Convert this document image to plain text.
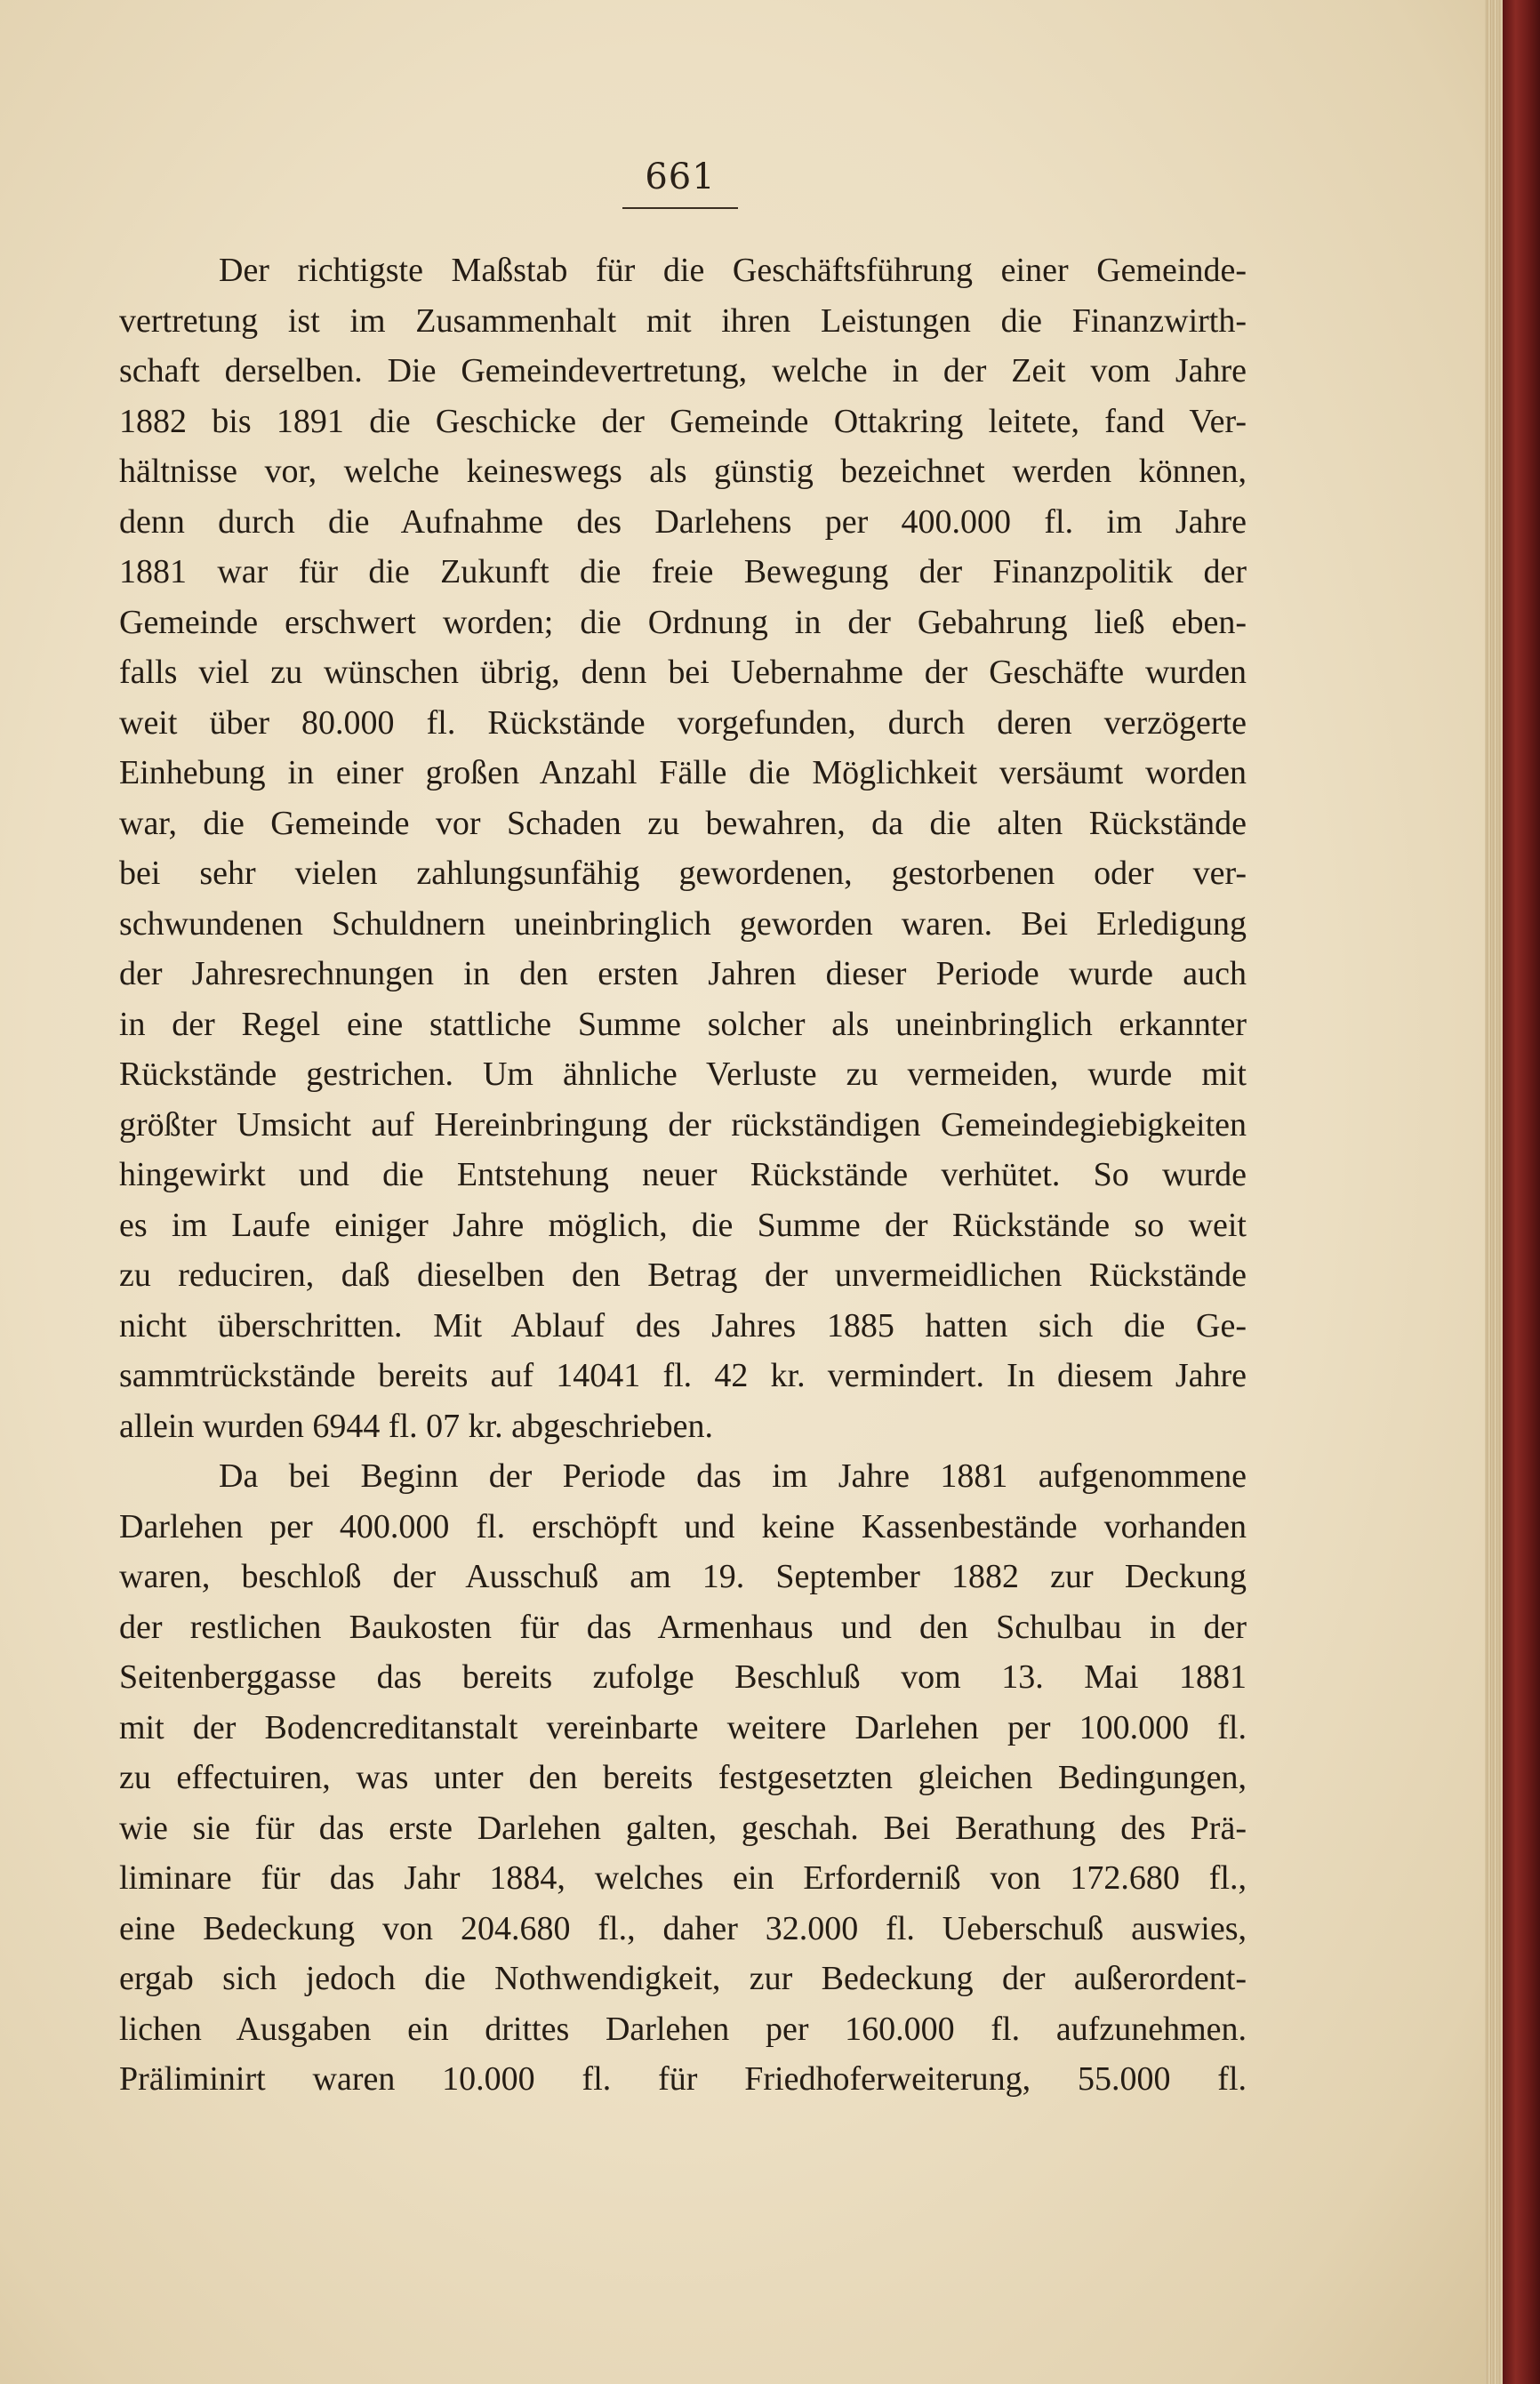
661
Der richtigste Maßstab für die Geschäftsführung einer Gemeinde-
vertretung ist im Zusammenhalt mit ihren Leistungen die Finanzwirth-
schaft derselben. Die Gemeindevertretung, welche in der Zeit vom Jahre
1882 bis 1891 die Geschicke der Gemeinde Ottakring leitete, fand Ver-
hältnisse vor, welche keineswegs als günstig bezeichnet werden können,
denn durch die Aufnahme des Darlehens per 400.000 fl. im Jahre
1881 war für die Zukunft die freie Bewegung der Finanzpolitik der
Gemeinde erschwert worden; die Ordnung in der Gebahrung ließ eben-
falls viel zu wünschen übrig, denn bei Uebernahme der Geschäfte wurden
weit über 80.000 fl. Rückstände vorgefunden, durch deren verzögerte
Einhebung in einer großen Anzahl Fälle die Möglichkeit versäumt worden
war, die Gemeinde vor Schaden zu bewahren, da die alten Rückstände
bei sehr vielen zahlungsunfähig gewordenen, gestorbenen oder ver-
schwundenen Schuldnern uneinbringlich geworden waren. Bei Erledigung
der Jahresrechnungen in den ersten Jahren dieser Periode wurde auch
in der Regel eine stattliche Summe solcher als uneinbringlich erkannter
Rückstände gestrichen. Um ähnliche Verluste zu vermeiden, wurde mit
größter Umsicht auf Hereinbringung der rückständigen Gemeindegiebigkeiten
hingewirkt und die Entstehung neuer Rückstände verhütet. So wurde
es im Laufe einiger Jahre möglich, die Summe der Rückstände so weit
zu reduciren, daß dieselben den Betrag der unvermeidlichen Rückstände
nicht überschritten. Mit Ablauf des Jahres 1885 hatten sich die Ge-
sammtrückstände bereits auf 14041 fl. 42 kr. vermindert. In diesem Jahre
allein wurden 6944 fl. 07 kr. abgeschrieben.
Da bei Beginn der Periode das im Jahre 1881 aufgenommene
Darlehen per 400.000 fl. erschöpft und keine Kassenbestände vorhanden
waren, beschloß der Ausschuß am 19. September 1882 zur Deckung
der restlichen Baukosten für das Armenhaus und den Schulbau in der
Seitenberggasse das bereits zufolge Beschluß vom 13. Mai 1881
mit der Bodencreditanstalt vereinbarte weitere Darlehen per 100.000 fl.
zu effectuiren, was unter den bereits festgesetzten gleichen Bedingungen,
wie sie für das erste Darlehen galten, geschah. Bei Berathung des Prä-
liminare für das Jahr 1884, welches ein Erforderniß von 172.680 fl.,
eine Bedeckung von 204.680 fl., daher 32.000 fl. Ueberschuß auswies,
ergab sich jedoch die Nothwendigkeit, zur Bedeckung der außerordent-
lichen Ausgaben ein drittes Darlehen per 160.000 fl. aufzunehmen.
Präliminirt waren 10.000 fl. für Friedhoferweiterung, 55.000 fl.
